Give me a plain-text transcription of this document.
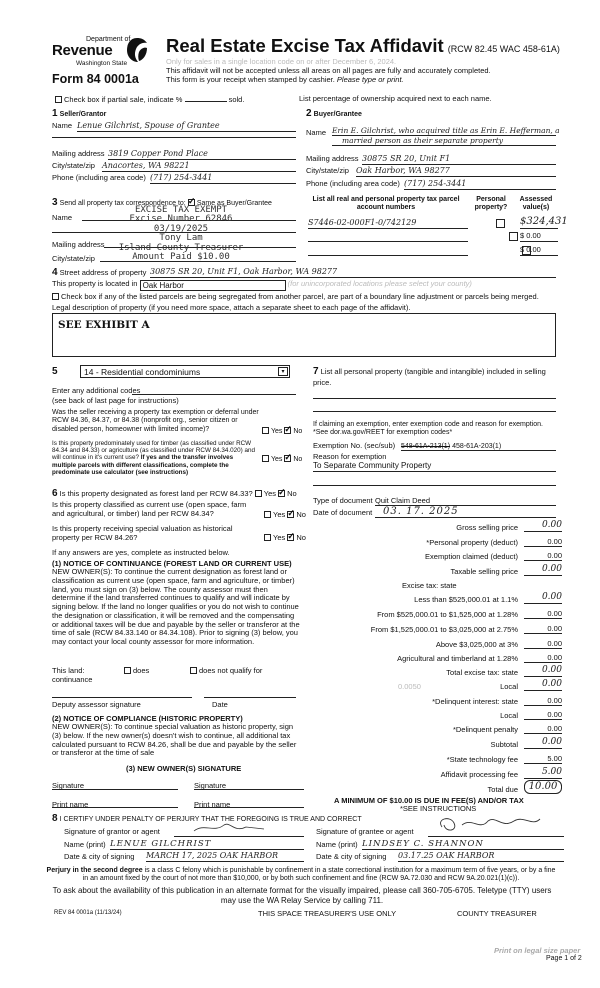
Department of
Revenue
Washington State
Form 84 0001a
Real Estate Excise Tax Affidavit (RCW 82.45 WAC 458-61A)
Only for sales in a single location code on or after December 6, 2024.
This affidavit will not be accepted unless all areas on all pages are fully and accurately completed.
This form is your receipt when stamped by cashier. Please type or print.
Check box if partial sale, indicate %	sold.	List percentage of ownership acquired next to each name.
1 Seller/Grantor
Name Lenue Gilchrist, Spouse of Grantee
Mailing address 3819 Copper Pond Place
City/state/zip Anacortes, WA 98221
Phone (including area code) (717) 254-3441
2 Buyer/Grantee
Name Erin E. Gilchrist, who acquired title as Erin E. Hefferman, a
married person as their separate property
Mailing address 30875 SR 20, Unit F1
City/state/zip Oak Harbor, WA 98277
Phone (including area code) (717) 254-3441
3 Send all property tax correspondence to: ✓ Same as Buyer/Grantee
Name
Mailing address
City/state/zip
EXCISE TAX EXEMPT
Excise Number 62846
03/19/2025
Tony Lam
Island County Treasurer
Amount Paid $10.00
List all real and personal property tax parcel account numbers
Personal property?
Assessed value(s)
S7446-02-000F1-0/742129
	$324,431

$ 0.00
$ 0.00
4 Street address of property 30875 SR 20, Unit F1, Oak Harbor, WA 98277
This property is located in Oak Harbor	(for unincorporated locations please select your county)
Check box if any of the listed parcels are being segregated from another parcel, are part of a boundary line adjustment or parcels being merged.
Legal description of property (if you need more space, attach a separate sheet to each page of the affidavit).
SEE EXHIBIT A
5	14 - Residential condominiums	▾
Enter any additional codes
(see back of last page for instructions)
Was the seller receiving a property tax exemption or deferral under RCW 84.36, 84.37, or 84.38 (nonprofit org., senior citizen or disabled person, homeowner with limited income)?	Yes ✓ No
Is this property predominately used for timber (as classified under RCW 84.34 and 84.33) or agriculture (as classified under RCW 84.34.020) and will continue in it's current use? If yes and the transfer involves multiple parcels with different classifications, complete the predominate use calculator (see instructions)
Yes ✓ No
7 List all personal property (tangible and intangible) included in selling price.
If claiming an exemption, enter exemption code and reason for exemption. *See dor.wa.gov/REET for exemption codes*
Exemption No. (sec/sub) 548-61A-213(1) 458-61A-203(1)
Reason for exemption
To Separate Community Property
Type of document Quit Claim Deed
Date of document	03. 17. 2025
6 Is this property designated as forest land per RCW 84.33? Yes ✓ No
Is this property classified as current use (open space, farm and agricultural, or timber) land per RCW 84.34?	Yes ✓ No
Is this property receiving special valuation as historical property per RCW 84.26?	Yes ✓ No
If any answers are yes, complete as instructed below.
(1) NOTICE OF CONTINUANCE (FOREST LAND OR CURRENT USE)
NEW OWNER(S): To continue the current designation as forest land or classification as current use (open space, farm and agriculture, or timber) land, you must sign on (3) below. The county assessor must then determine if the land transferred continues to qualify and will indicate by signing below. If the land no longer qualifies or you do not wish to continue the designation or classification, it will be removed and the compensating or additional taxes will be due and payable by the seller or transferor at the time of sale (RCW 84.33.140 or 84.34.108). Prior to signing (3) below, you may contact your local county assessor for more information.
This land:
continuance
does	does not qualify for
Deputy assessor signature	Date
(2) NOTICE OF COMPLIANCE (HISTORIC PROPERTY)
NEW OWNER(S): To continue special valuation as historic property, sign (3) below. If the new owner(s) doesn't wish to continue, all additional tax calculated pursuant to RCW 84.26, shall be due and payable by the seller or transferor at the time of sale
(3) NEW OWNER(S) SIGNATURE
Signature	Signature
Print name	Print name
Gross selling price	0.00
*Personal property (deduct)	0.00
Exemption claimed (deduct)	0.00
Taxable selling price	0.00
Excise tax: state
Less than $525,000.01 at 1.1%	0.00
From $525,000.01 to $1,525,000 at 1.28%	0.00
From $1,525,000.01 to $3,025,000 at 2.75%	0.00
Above $3,025,000 at 3%	0.00
Agricultural and timberland at 1.28%	0.00
Total excise tax: state	0.00
0.0050	Local	0.00
*Delinquent interest: state	0.00
Local	0.00
*Delinquent penalty	0.00
Subtotal	0.00
*State technology fee	5.00
Affidavit processing fee	5.00
Total due	10.00
A MINIMUM OF $10.00 IS DUE IN FEE(S) AND/OR TAX
*SEE INSTRUCTIONS
8 I CERTIFY UNDER PENALTY OF PERJURY THAT THE FOREGOING IS TRUE AND CORRECT
Signature of grantor or agent
Name (print) LENUE GILCHRIST
Date & city of signing MARCH 17, 2025 OAK HARBOR
Signature of grantee or agent
Name (print) LINDSEY C. SHANNON
Date & city of signing 03.17.25 OAK HARBOR
Perjury in the second degree is a class C felony which is punishable by confinement in a state correctional institution for a maximum term of five years, or by a fine in an amount fixed by the court of not more than $10,000, or by both such confinement and fine (RCW 9A.72.030 and RCW 9A.20.021(1)(c)).
To ask about the availability of this publication in an alternate format for the visually impaired, please call 360-705-6705. Teletype (TTY) users may use the WA Relay Service by calling 711.
REV 84 0001a (11/13/24)	THIS SPACE TREASURER'S USE ONLY	COUNTY TREASURER
Print on legal size paper
Page 1 of 2
